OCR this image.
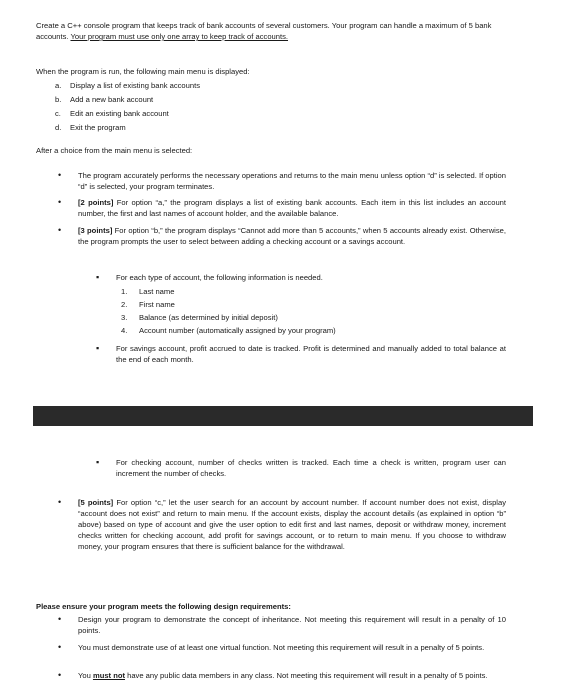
Create a C++ console program that keeps track of bank accounts of several customers. Your program can handle a maximum of 5 bank accounts. Your program must use only one array to keep track of accounts.

When the program is run, the following main menu is displayed:

a.	Display a list of existing bank accounts
b.	Add a new bank account
c.	Edit an existing bank account
d.	Exit the program

After a choice from the main menu is selected:

•	The program accurately performs the necessary operations and returns to the main menu unless option “d” is selected. If option “d” is selected, your program terminates.

•	[2 points] For option “a,” the program displays a list of existing bank accounts. Each item in this list includes an account number, the first and last names of account holder, and the available balance.

•	[3 points] For option “b,” the program displays “Cannot add more than 5 accounts,” when 5 accounts already exist. Otherwise, the program prompts the user to select between adding a checking account or a savings account.

▪	For each type of account, the following information is needed.

1.	Last name
2.	First name
3.	Balance (as determined by initial deposit)
4.	Account number (automatically assigned by your program)
▪	For savings account, profit accrued to date is tracked. Profit is determined and manually added to total balance at the end of each month.

▪	For checking account, number of checks written is tracked. Each time a check is written, program user can increment the number of checks.

•	[5 points] For option “c,” let the user search for an account by account number. If account number does not exist, display “account does not exist” and return to main menu. If the account exists, display the account details (as explained in option “b” above) based on type of account and give the user option to edit first and last names, deposit or withdraw money, increment checks written for checking account, add profit for savings account, or to return to main menu. If you choose to withdraw money, your program ensures that there is sufficient balance for the withdrawal.

Please ensure your program meets the following design requirements:

•	Design your program to demonstrate the concept of inheritance. Not meeting this requirement will result in a penalty of 10 points.

•	You must demonstrate use of at least one virtual function. Not meeting this requirement will result in a penalty of 5 points.

•	You must not have any public data members in any class. Not meeting this requirement will result in a penalty of 5 points.
